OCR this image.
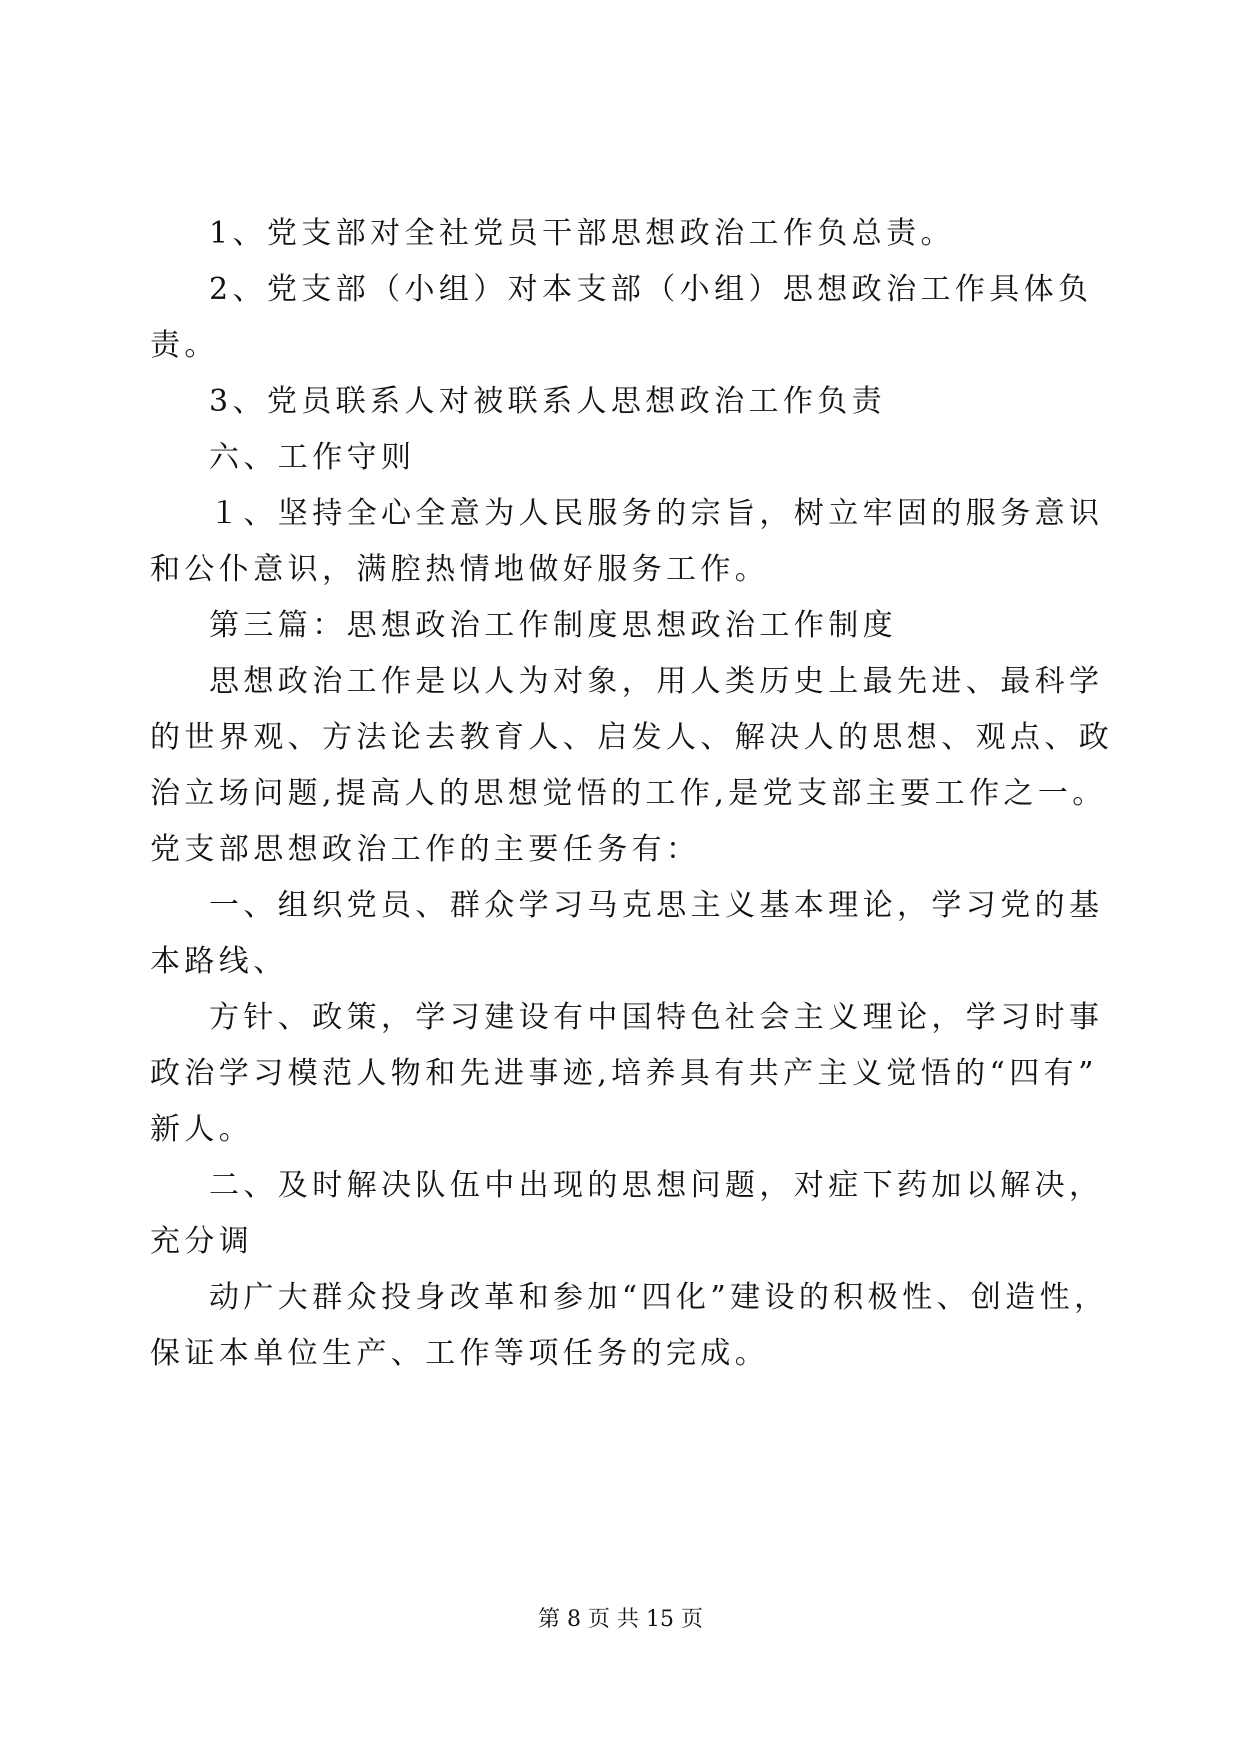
1、党支部对全社党员干部思想政治工作负总责。
2、党支部（小组）对本支部（小组）思想政治工作具体负
责。
3、党员联系人对被联系人思想政治工作负责
六、工作守则
１、坚持全心全意为人民服务的宗旨，树立牢固的服务意识
和公仆意识，满腔热情地做好服务工作。
第三篇：思想政治工作制度思想政治工作制度
思想政治工作是以人为对象，用人类历史上最先进、最科学
的世界观、方法论去教育人、启发人、解决人的思想、观点、政
治立场问题,提高人的思想觉悟的工作,是党支部主要工作之一。
党支部思想政治工作的主要任务有：
一、组织党员、群众学习马克思主义基本理论，学习党的基
本路线、
方针、政策，学习建设有中国特色社会主义理论，学习时事
政治学习模范人物和先进事迹,培养具有共产主义觉悟的“四有”
新人。
二、及时解决队伍中出现的思想问题，对症下药加以解决，
充分调
动广大群众投身改革和参加“四化”建设的积极性、创造性，
保证本单位生产、工作等项任务的完成。
第 8 页 共 15 页
